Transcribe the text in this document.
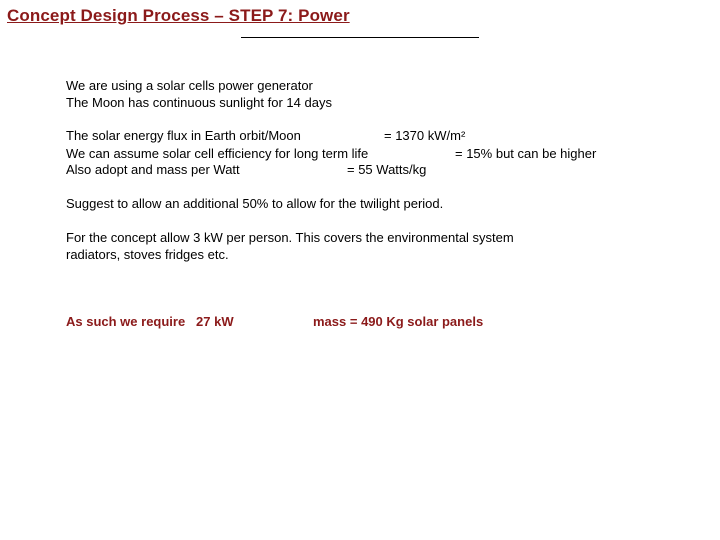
Concept Design Process – STEP 7: Power
We are using a solar cells power generator
The Moon has continuous sunlight for 14 days
The solar energy flux in Earth orbit/Moon	= 1370 kW/m²
We can assume solar cell efficiency for long term life	= 15% but can be higher
Also adopt and mass per Watt	= 55 Watts/kg
Suggest to allow an additional 50% to allow for the twilight period.
For the concept allow 3 kW per person. This covers the environmental system
radiators, stoves fridges etc.
As such we require   27 kW	mass = 490 Kg solar panels
